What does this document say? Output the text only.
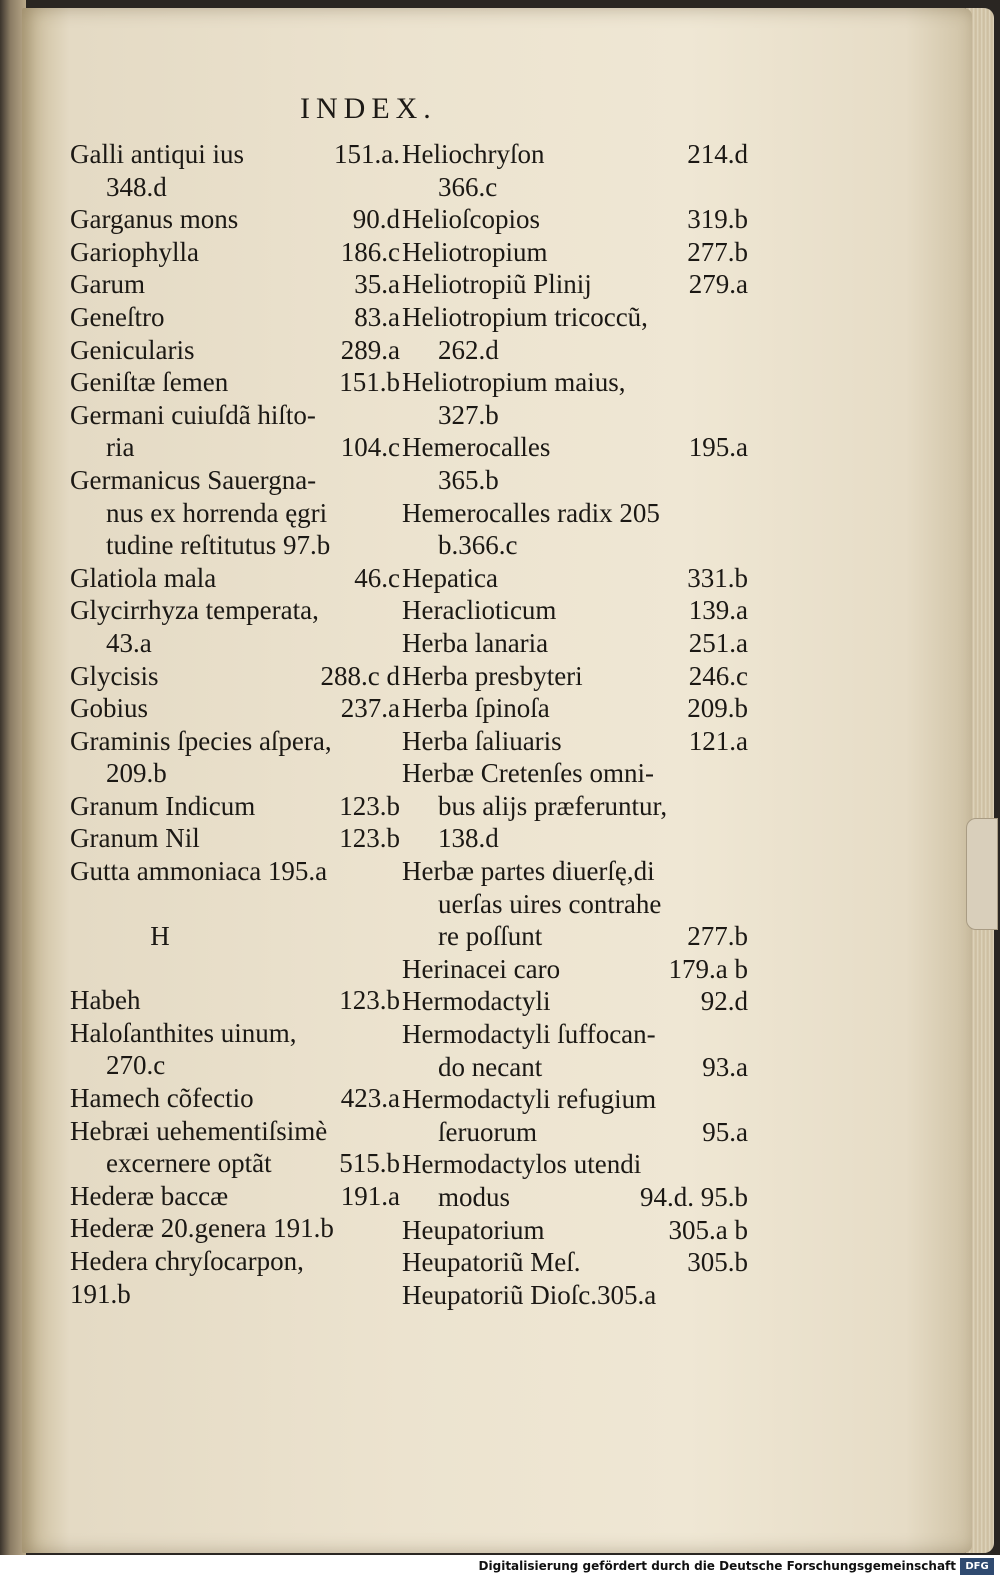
INDEX.
Galli antiqui ius	151.a.
348.d
Garganus mons	90.d
Gariophylla	186.c
Garum	35.a
Geneſtro	83.a
Genicularis	289.a
Geniſtæ ſemen	151.b
Germani cuiuſdã hiſto-
ria	104.c
Germanicus Sauergna-
nus ex horrenda ęgri
tudine reſtitutus 97.b
Glatiola mala	46.c
Glycirrhyza temperata,
43.a
Glycisis	288.c d
Gobius	237.a
Graminis ſpecies aſpera,
209.b
Granum Indicum	123.b
Granum Nil	123.b
Gutta ammoniaca 195.a
H
Habeh	123.b
Haloſanthites uinum,
270.c
Hamech cõfectio	423.a
Hebræi uehementiſsimè
excernere optãt	515.b
Hederæ baccæ	191.a
Hederæ 20.genera 191.b
Hedera chryſocarpon,
191.b
Heliochryſon	214.d
366.c
Helioſcopios	319.b
Heliotropium	277.b
Heliotropiũ Plinij	279.a
Heliotropium tricoccũ,
262.d
Heliotropium maius,
327.b
Hemerocalles	195.a
365.b
Hemerocalles radix 205
b.366.c
Hepatica	331.b
Heraclioticum	139.a
Herba lanaria	251.a
Herba presbyteri	246.c
Herba ſpinoſa	209.b
Herba ſaliuaris	121.a
Herbæ Cretenſes omni-
bus alijs præferuntur,
138.d
Herbæ partes diuerſę,di
uerſas uires contrahe
re poſſunt	277.b
Herinacei caro	179.a b
Hermodactyli	92.d
Hermodactyli ſuffocan-
do necant	93.a
Hermodactyli refugium
ſeruorum	95.a
Hermodactylos utendi
modus	94.d. 95.b
Heupatorium	305.a b
Heupatoriũ Meſ.	305.b
Heupatoriũ Dioſc.305.a
Digitalisierung gefördert durch die Deutsche Forschungsgemeinschaft DFG
